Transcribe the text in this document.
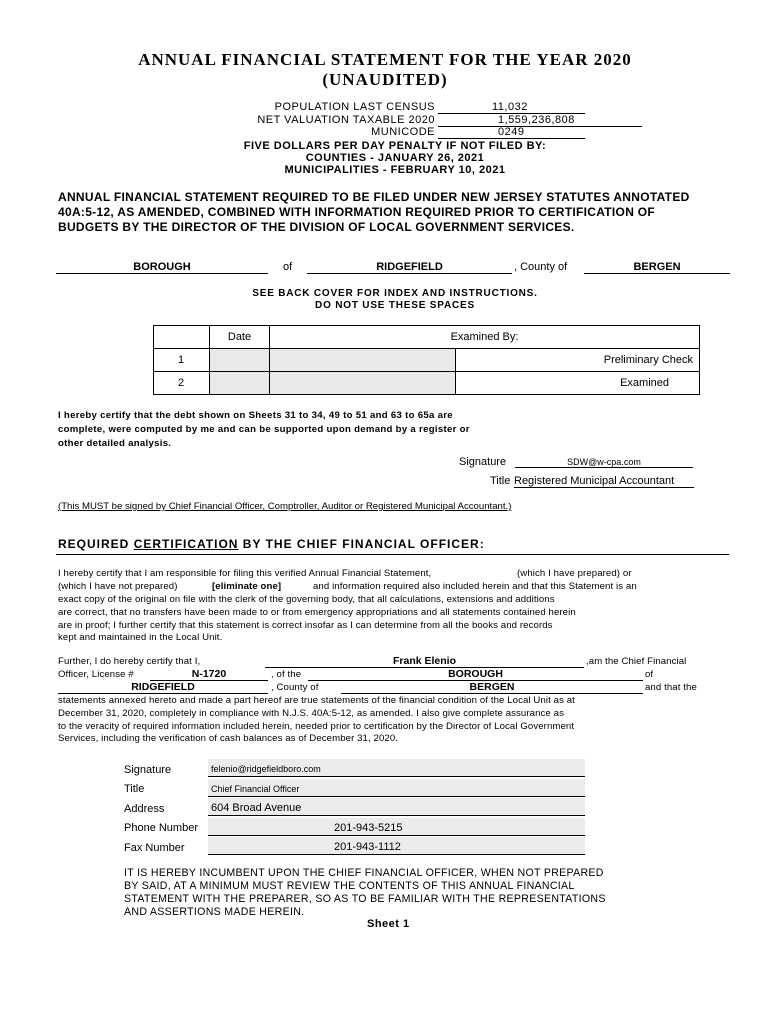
ANNUAL FINANCIAL STATEMENT FOR THE YEAR 2020
(UNAUDITED)
POPULATION LAST CENSUS	11,032
NET VALUATION TAXABLE 2020	1,559,236,808
MUNICODE	0249
FIVE DOLLARS PER DAY PENALTY IF NOT FILED BY:
COUNTIES - JANUARY 26, 2021
MUNICIPALITIES - FEBRUARY 10, 2021
ANNUAL FINANCIAL STATEMENT REQUIRED TO BE FILED UNDER NEW JERSEY STATUTES ANNOTATED 40A:5-12, AS AMENDED, COMBINED WITH INFORMATION REQUIRED PRIOR TO CERTIFICATION OF BUDGETS BY THE DIRECTOR OF THE DIVISION OF LOCAL GOVERNMENT SERVICES.
BOROUGH	of	RIDGEFIELD	, County of	BERGEN
SEE BACK COVER FOR INDEX AND INSTRUCTIONS.
DO NOT USE THESE SPACES
	Date	Examined By:	
1			Preliminary Check
2			Examined
I hereby certify that the debt shown on Sheets 31 to 34, 49 to 51 and 63 to 65a are
complete, were computed by me and can be supported upon demand by a register or
other detailed analysis.
Signature	SDW@w-cpa.com
Title Registered Municipal Accountant
(This MUST be signed by Chief Financial Officer, Comptroller, Auditor or Registered Municipal Accountant.)
REQUIRED CERTIFICATION BY THE CHIEF FINANCIAL OFFICER:
I hereby certify that I am responsible for filing this verified Annual Financial Statement,	(which I have prepared) or
(which I have not prepared)	[eliminate one]	and information required also included herein and that this Statement is an
exact copy of the original on file with the clerk of the governing body, that all calculations, extensions and additions
are correct, that no transfers have been made to or from emergency appropriations and all statements contained herein
are in proof; I further certify that this statement is correct insofar as I can determine from all the books and records
kept and maintained in the Local Unit.
Further, I do hereby certify that I,	Frank Elenio	,am the Chief Financial
Officer, License #	N-1720	, of the	BOROUGH	of
RIDGEFIELD	, County of	BERGEN	and that the
statements annexed hereto and made a part hereof are true statements of the financial condition of the Local Unit as at
December 31, 2020, completely in compliance with N.J.S. 40A:5-12, as amended. I also give complete assurance as
to the veracity of required information included herein, needed prior to certification by the Director of Local Government
Services, including the verification of cash balances as of December 31, 2020.
Signature	felenio@ridgefieldboro.com
Title	Chief Financial Officer
Address	604 Broad Avenue
Phone Number	201-943-5215
Fax Number	201-943-1112
IT IS HEREBY INCUMBENT UPON THE CHIEF FINANCIAL OFFICER, WHEN NOT PREPARED
BY SAID, AT A MINIMUM MUST REVIEW THE CONTENTS OF THIS ANNUAL FINANCIAL
STATEMENT WITH THE PREPARER, SO AS TO BE FAMILIAR WITH THE REPRESENTATIONS
AND ASSERTIONS MADE HEREIN.
Sheet 1
